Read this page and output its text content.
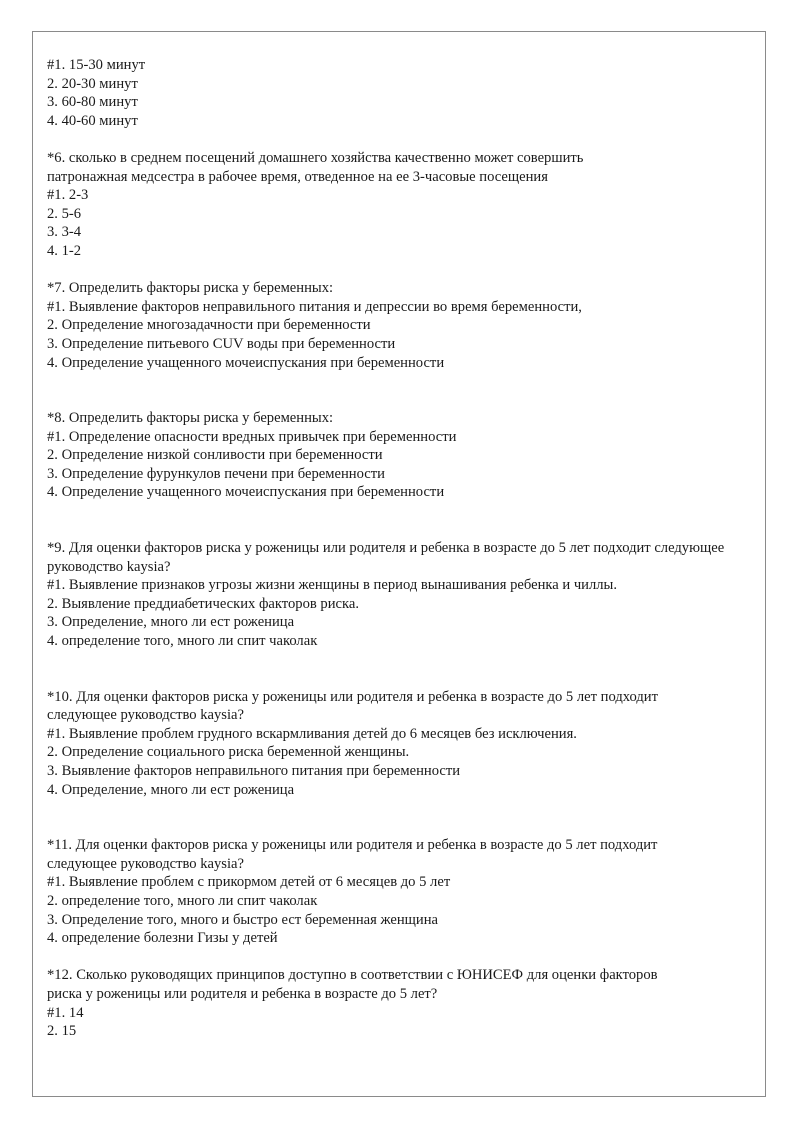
#1. 15-30 минут
2. 20-30 минут
3. 60-80 минут
4. 40-60 минут
*6. сколько в среднем посещений домашнего хозяйства качественно может совершить патронажная медсестра в рабочее время, отведенное на ее 3-часовые посещения
#1. 2-3
2. 5-6
3. 3-4
4. 1-2
*7. Определить факторы риска у беременных:
#1. Выявление факторов неправильного питания и депрессии во время беременности,
2. Определение многозадачности при беременности
3. Определение питьевого CUV воды при беременности
4. Определение учащенного мочеиспускания при беременности
*8. Определить факторы риска у беременных:
#1. Определение опасности вредных привычек при беременности
2. Определение низкой сонливости при беременности
3. Определение фурункулов печени при беременности
4. Определение учащенного мочеиспускания при беременности
*9. Для оценки факторов риска у роженицы или родителя и ребенка в возрасте до 5 лет подходит следующее руководство kaysia?
#1. Выявление признаков угрозы жизни женщины в период вынашивания ребенка и чиллы.
2. Выявление преддиабетических факторов риска.
3. Определение, много ли ест роженица
4. определение того, много ли спит чаколак
*10. Для оценки факторов риска у роженицы или родителя и ребенка в возрасте до 5 лет подходит следующее руководство kaysia?
#1. Выявление проблем грудного вскармливания детей до 6 месяцев без исключения.
2. Определение социального риска беременной женщины.
3. Выявление факторов неправильного питания при беременности
4. Определение, много ли ест роженица
*11. Для оценки факторов риска у роженицы или родителя и ребенка в возрасте до 5 лет подходит следующее руководство kaysia?
#1. Выявление проблем с прикормом детей от 6 месяцев до 5 лет
2. определение того, много ли спит чаколак
3. Определение того, много и быстро ест беременная женщина
4. определение болезни Гизы у детей
*12. Сколько руководящих принципов доступно в соответствии с ЮНИСЕФ для оценки факторов риска у роженицы или родителя и ребенка в возрасте до 5 лет?
#1. 14
2. 15
